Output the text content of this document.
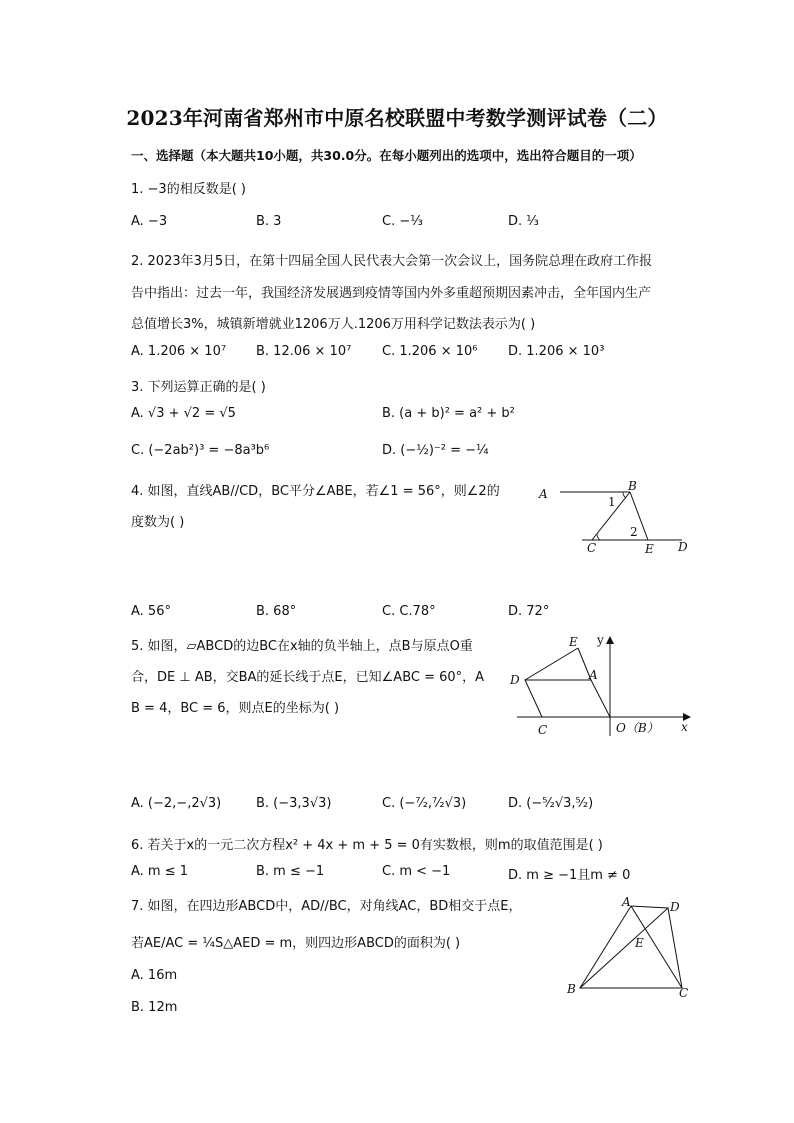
2023年河南省郑州市中原名校联盟中考数学测评试卷（二）
一、选择题（本大题共10小题，共30.0分。在每小题列出的选项中，选出符合题目的一项）
1. −3的相反数是( )
A. −3	B. 3	C. −⅓	D. ⅓
2. 2023年3月5日，在第十四届全国人民代表大会第一次会议上，国务院总理在政府工作报
告中指出：过去一年，我国经济发展遇到疫情等国内外多重超预期因素冲击，全年国内生产
总值增长3%，城镇新增就业1206万人.1206万用科学记数法表示为( )
A. 1.206 × 10⁷ B. 12.06 × 10⁷ C. 1.206 × 10⁶ D. 1.206 × 10³
3. 下列运算正确的是( )
A. √3 + √2 = √5	B. (a + b)² = a² + b²
C. (−2ab²)³ = −8a³b⁶	D. (−½)⁻² = −¼
4. 如图，直线AB//CD，BC平分∠ABE，若∠1 = 56°，则∠2的
度数为( )
A
B
1
2
C	E D
A. 56°	B. 68°	C. C.78°	D. 72°
5. 如图，▱ABCD的边BC在x轴的负半轴上，点B与原点O重
合，DE ⊥ AB，交BA的延长线于点E，已知∠ABC = 60°，A
B = 4，BC = 6，则点E的坐标为( )
E y
D	A
C	O（B） x
A. (−2,−,2√3)	B. (−3,3√3)	C. (−⁷⁄₂,⁷⁄₂√3)	D. (−⁵⁄₂√3,⁵⁄₂)
6. 若关于x的一元二次方程x² + 4x + m + 5 = 0有实数根，则m的取值范围是( )
A. m ≤ 1	B. m ≤ −1	C. m < −1	D. m ≥ −1且m ≠ 0
7. 如图，在四边形ABCD中，AD//BC，对角线AC，BD相交于点E，
若AE/AC = ¼S△AED = m，则四边形ABCD的面积为( )
A	D
E
B	C
A. 16m
B. 12m
